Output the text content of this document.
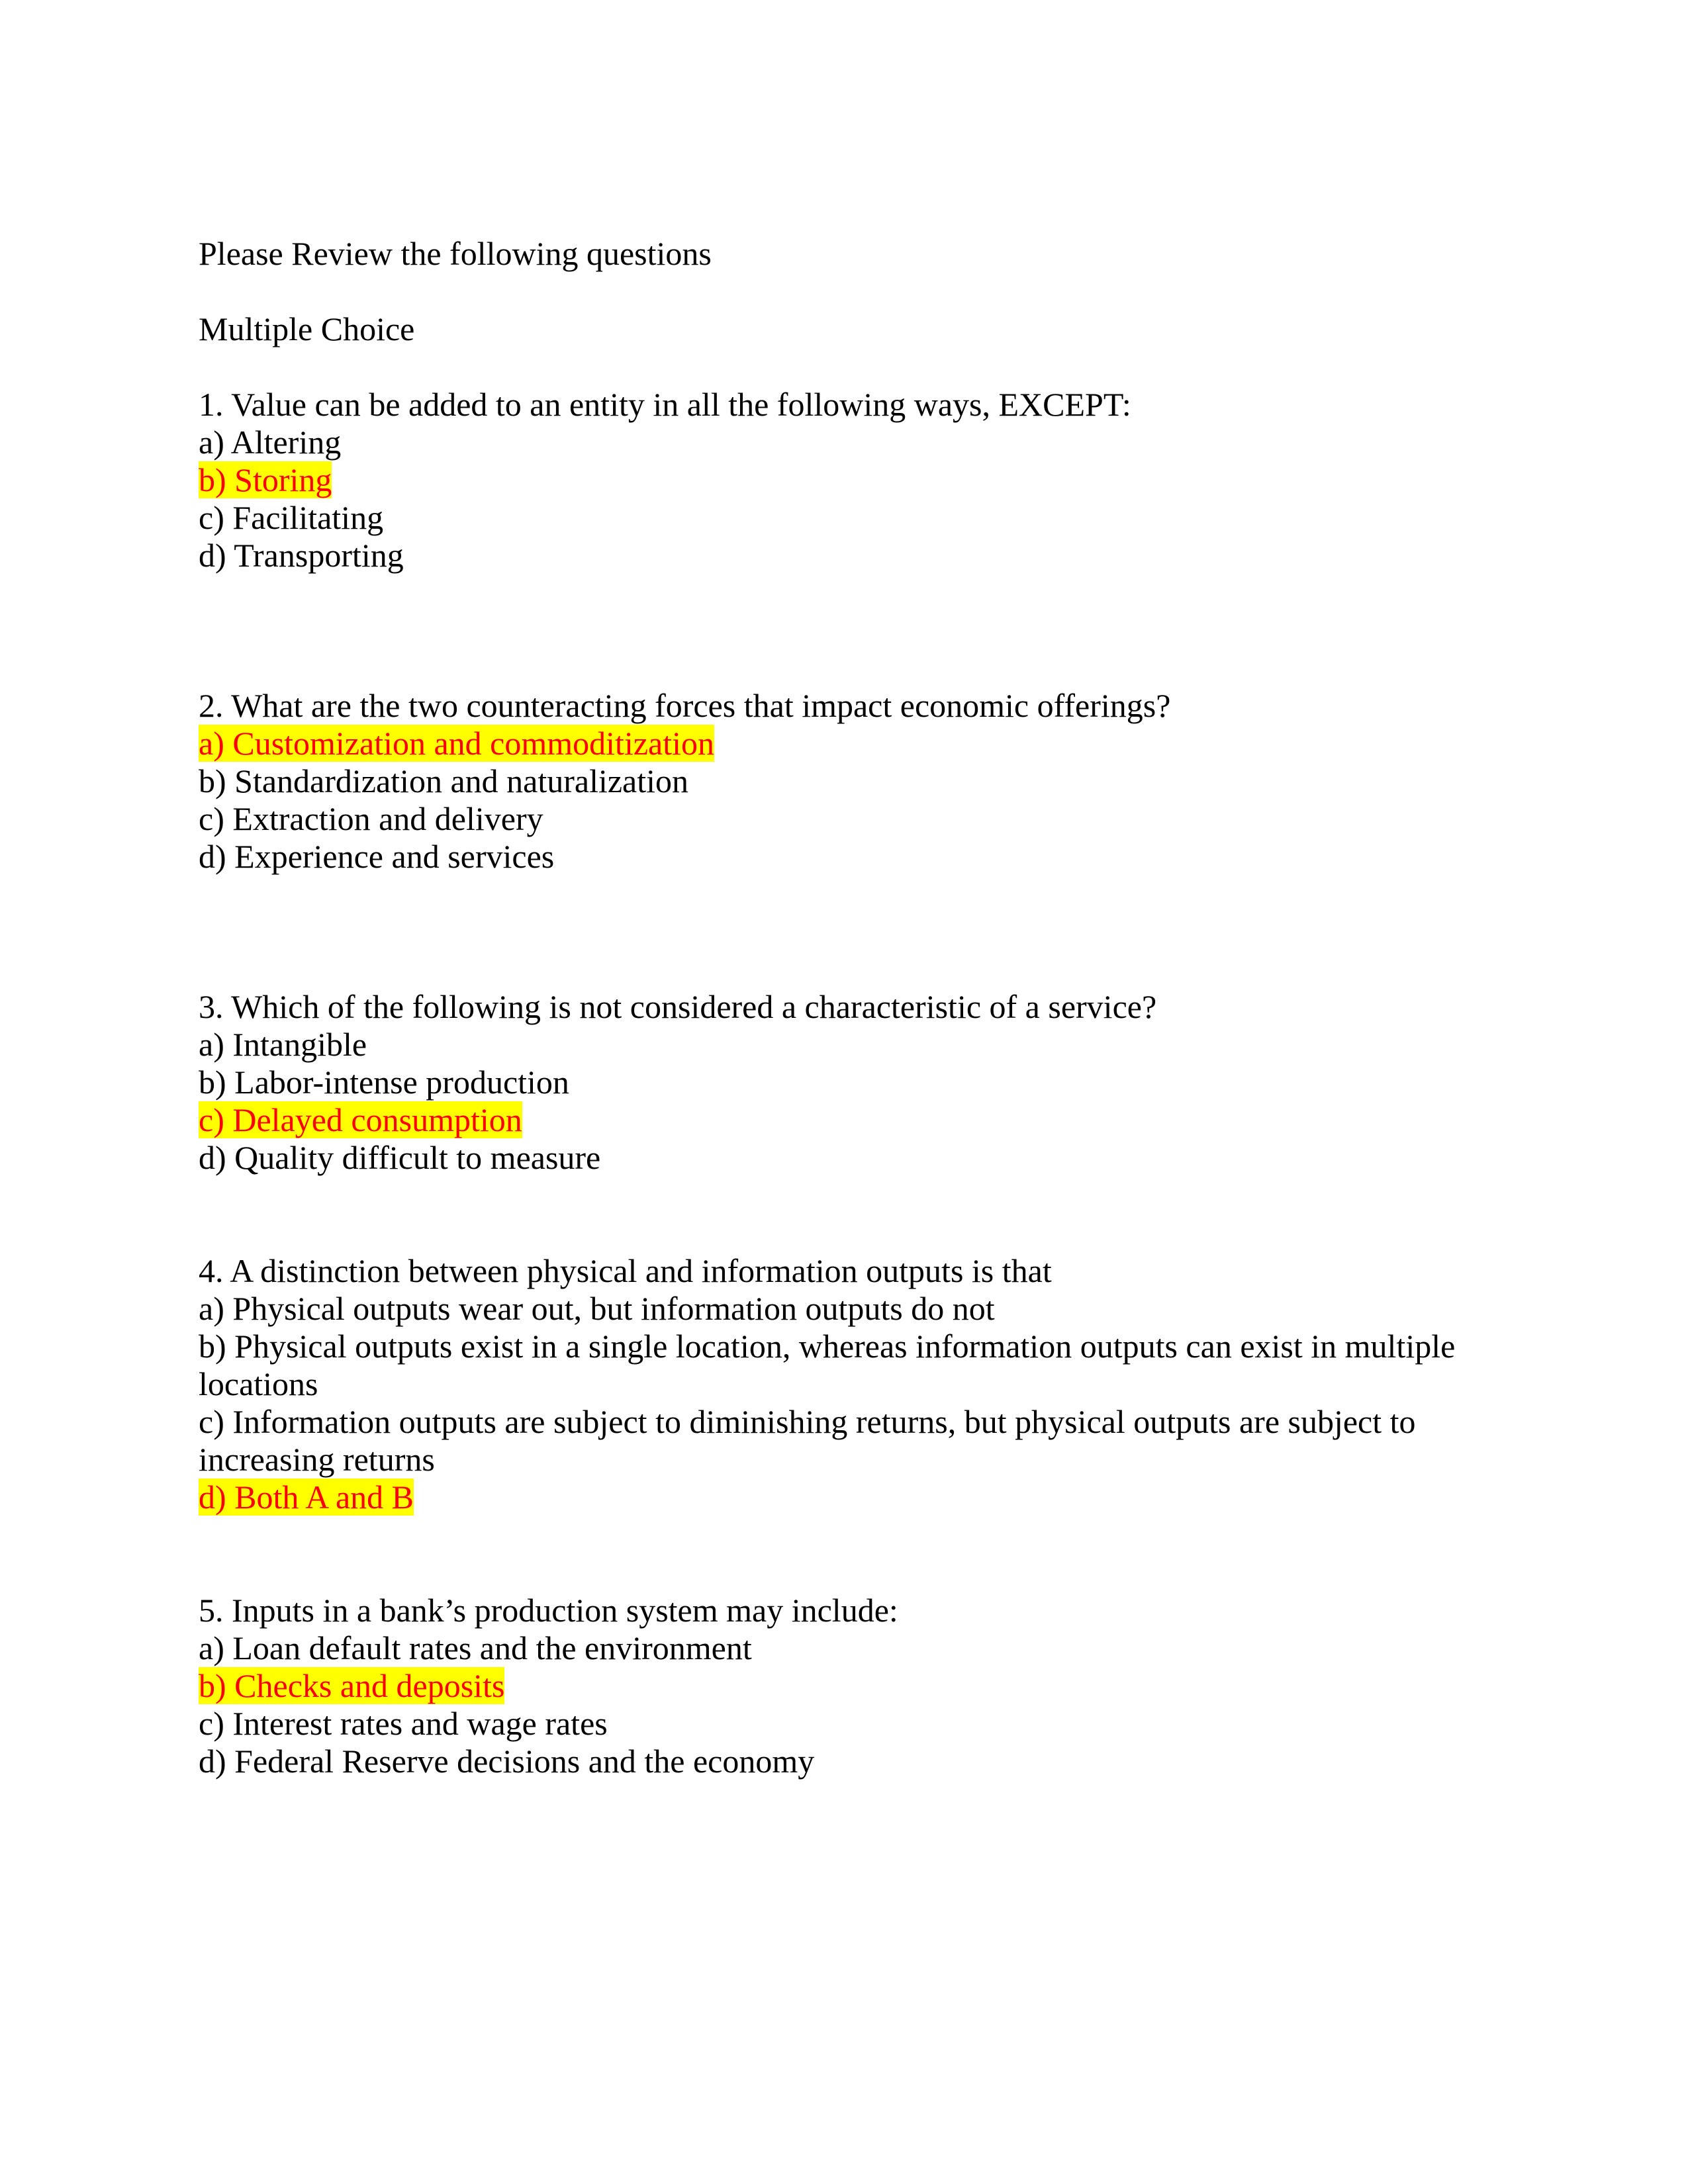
Please Review the following questions
Multiple Choice
1. Value can be added to an entity in all the following ways, EXCEPT:
a) Altering
b) Storing
c) Facilitating
d) Transporting
2. What are the two counteracting forces that impact economic offerings?
a) Customization and commoditization
b) Standardization and naturalization
c) Extraction and delivery
d) Experience and services
3. Which of the following is not considered a characteristic of a service?
a) Intangible
b) Labor-intense production
c) Delayed consumption
d) Quality difficult to measure
4. A distinction between physical and information outputs is that
a) Physical outputs wear out, but information outputs do not
b) Physical outputs exist in a single location, whereas information outputs can exist in multiple locations
c) Information outputs are subject to diminishing returns, but physical outputs are subject to increasing returns
d) Both A and B
5. Inputs in a bank’s production system may include:
a) Loan default rates and the environment
b) Checks and deposits
c) Interest rates and wage rates
d) Federal Reserve decisions and the economy
